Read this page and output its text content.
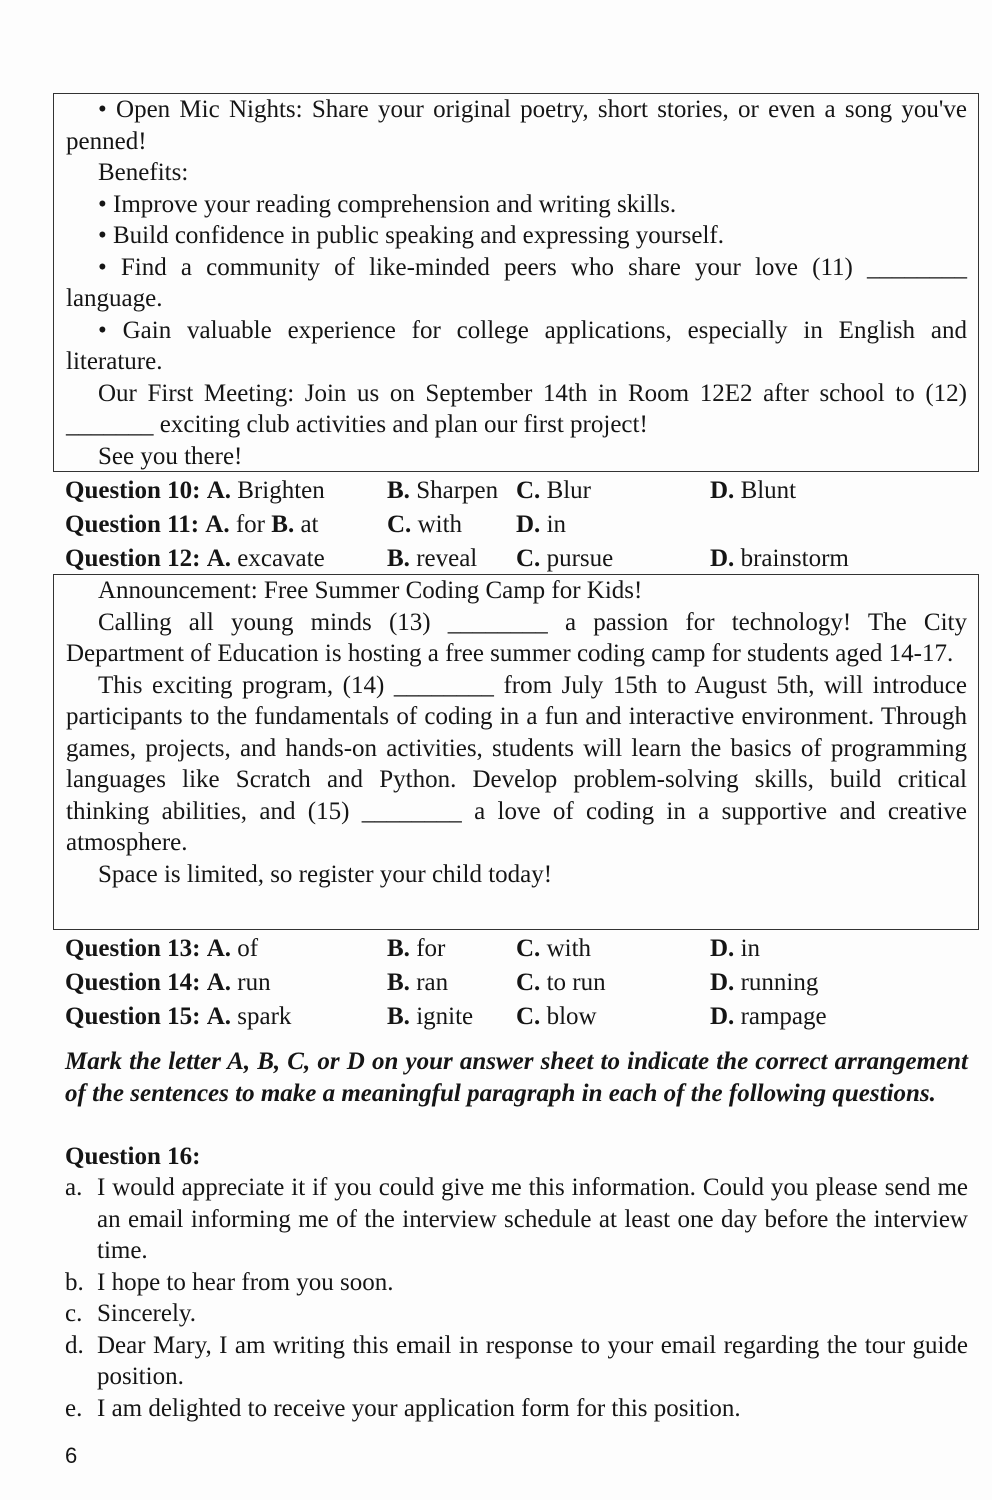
• Open Mic Nights: Share your original poetry, short stories, or even a song you've penned!

Benefits:

• Improve your reading comprehension and writing skills.

• Build confidence in public speaking and expressing yourself.

• Find a community of like-minded peers who share your love (11) ________ language.

• Gain valuable experience for college applications, especially in English and literature.

Our First Meeting: Join us on September 14th in Room 12E2 after school to (12) _______ exciting club activities and plan our first project!

See you there!

Question 10: A. Brighten B. Sharpen C. Blur	D. Blunt
Question 11: A. for B. at	C. with D. in
Question 12: A. excavate B. reveal C. pursue	D. brainstorm

Announcement: Free Summer Coding Camp for Kids!

Calling all young minds (13) ________ a passion for technology! The City Department of Education is hosting a free summer coding camp for students aged 14-17.

This exciting program, (14) ________ from July 15th to August 5th, will introduce participants to the fundamentals of coding in a fun and interactive environment. Through games, projects, and hands-on activities, students will learn the basics of programming languages like Scratch and Python. Develop problem-solving skills, build critical thinking abilities, and (15) ________ a love of coding in a supportive and creative atmosphere.

Space is limited, so register your child today!

Question 13: A. of	B. for	C. with	D. in
Question 14: A. run	B. ran	C. to run	D. running
Question 15: A. spark	B. ignite C. blow	D. rampage
Mark the letter A, B, C, or D on your answer sheet to indicate the correct arrangement of the sentences to make a meaningful paragraph in each of the following questions.
Question 16:
a. I would appreciate it if you could give me this information. Could you please send me an email informing me of the interview schedule at least one day before the interview time.
b. I hope to hear from you soon.
c. Sincerely.
d. Dear Mary, I am writing this email in response to your email regarding the tour guide position.
e. I am delighted to receive your application form for this position.
6
